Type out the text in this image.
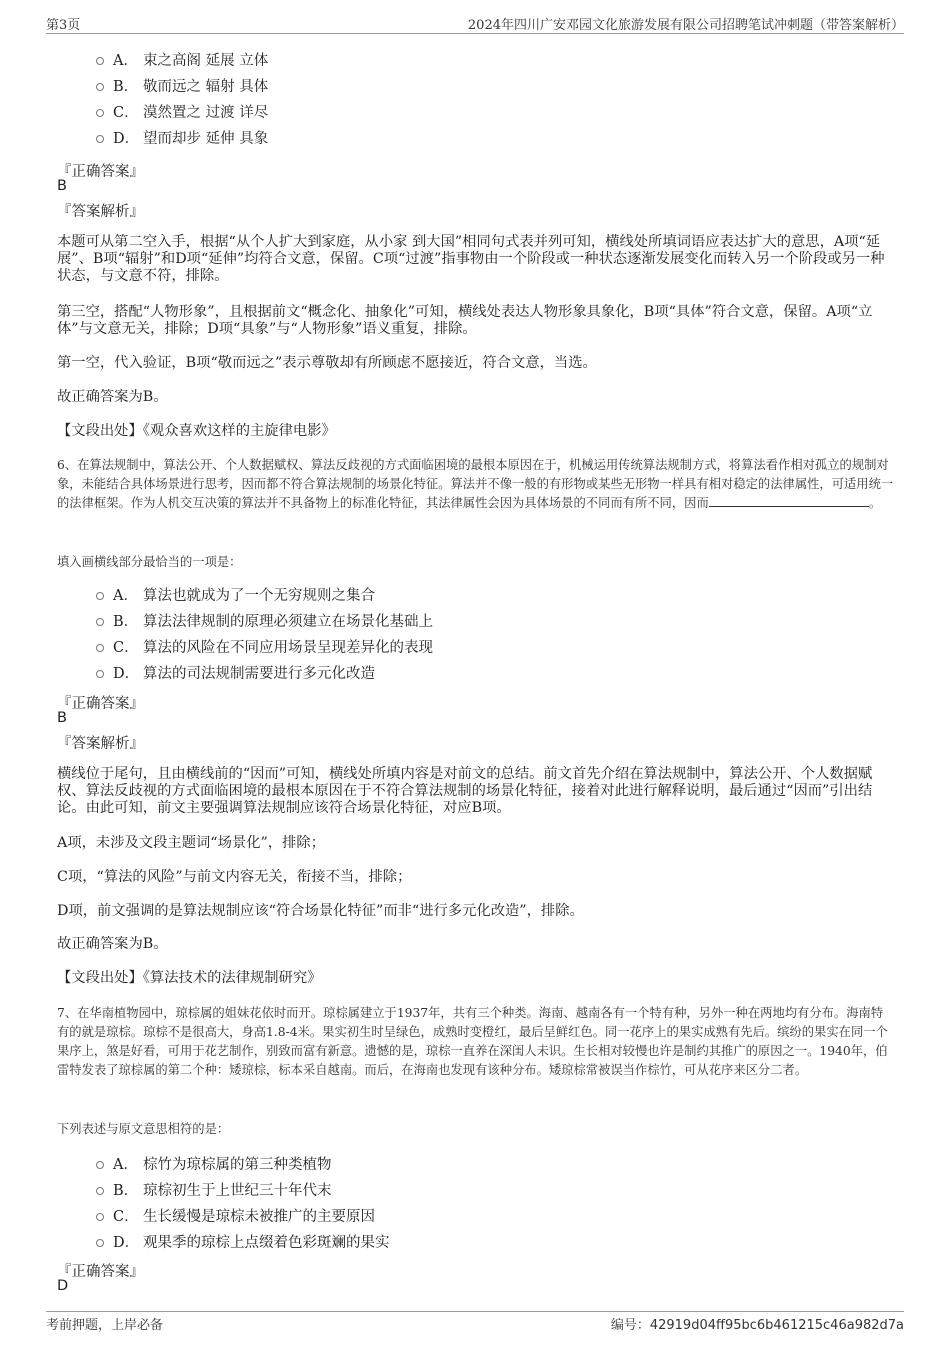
第3页	2024年四川广安邓园文化旅游发展有限公司招聘笔试冲刺题（带答案解析）
A． 束之高阁 延展 立体
B． 敬而远之 辐射 具体
C． 漠然置之 过渡 详尽
D． 望而却步 延伸 具象
『正确答案』
B
『答案解析』

本题可从第二空入手，根据“从个人扩大到家庭，从小家 到大国”相同句式表并列可知，横线处所填词语应表达扩大的意思，A项“延展”、B项“辐射”和D项“延伸”均符合文意，保留。C项“过渡”指事物由一个阶段或一种状态逐渐发展变化而转入另一个阶段或另一种状态，与文意不符，排除。

第三空，搭配“人物形象”，且根据前文“概念化、抽象化”可知，横线处表达人物形象具象化，B项“具体”符合文意，保留。A项“立体”与文意无关，排除；D项“具象”与“人物形象”语义重复，排除。

第一空，代入验证，B项“敬而远之”表示尊敬却有所顾虑不愿接近，符合文意，当选。

故正确答案为B。

【文段出处】《观众喜欢这样的主旋律电影》

6、在算法规制中，算法公开、个人数据赋权、算法反歧视的方式面临困境的最根本原因在于，机械运用传统算法规制方式，将算法看作相对孤立的规制对象，未能结合具体场景进行思考，因而都不符合算法规制的场景化特征。算法并不像一般的有形物或某些无形物一样具有相对稳定的法律属性，可适用统一的法律框架。作为人机交互决策的算法并不具备物上的标准化特征，其法律属性会因为具体场景的不同而有所不同，因而	。

填入画横线部分最恰当的一项是：

A． 算法也就成为了一个无穷规则之集合
B． 算法法律规制的原理必须建立在场景化基础上
C． 算法的风险在不同应用场景呈现差异化的表现
D． 算法的司法规制需要进行多元化改造
『正确答案』
B
『答案解析』

横线位于尾句，且由横线前的“因而”可知，横线处所填内容是对前文的总结。前文首先介绍在算法规制中，算法公开、个人数据赋权、算法反歧视的方式面临困境的最根本原因在于不符合算法规制的场景化特征，接着对此进行解释说明，最后通过“因而”引出结论。由此可知，前文主要强调算法规制应该符合场景化特征，对应B项。

A项，未涉及文段主题词“场景化”，排除；

C项，“算法的风险”与前文内容无关，衔接不当，排除；

D项，前文强调的是算法规制应该“符合场景化特征”而非“进行多元化改造”，排除。

故正确答案为B。

【文段出处】《算法技术的法律规制研究》

7、在华南植物园中，琼棕属的姐妹花依时而开。琼棕属建立于1937年，共有三个种类。海南、越南各有一个特有种，另外一种在两地均有分布。海南特有的就是琼棕。琼棕不是很高大，身高1.8-4米。果实初生时呈绿色，成熟时变橙红，最后呈鲜红色。同一花序上的果实成熟有先后。缤纷的果实在同一个果序上，煞是好看，可用于花艺制作，别致而富有新意。遗憾的是，琼棕一直养在深闺人未识。生长相对较慢也许是制约其推广的原因之一。1940年，伯雷特发表了琼棕属的第二个种：矮琼棕，标本采自越南。而后，在海南也发现有该种分布。矮琼棕常被误当作棕竹，可从花序来区分二者。

下列表述与原文意思相符的是：

A． 棕竹为琼棕属的第三种类植物
B． 琼棕初生于上世纪三十年代末
C． 生长缓慢是琼棕未被推广的主要原因
D． 观果季的琼棕上点缀着色彩斑斓的果实
『正确答案』
D
考前押题，上岸必备	编号：42919d04ff95bc6b461215c46a982d7a
